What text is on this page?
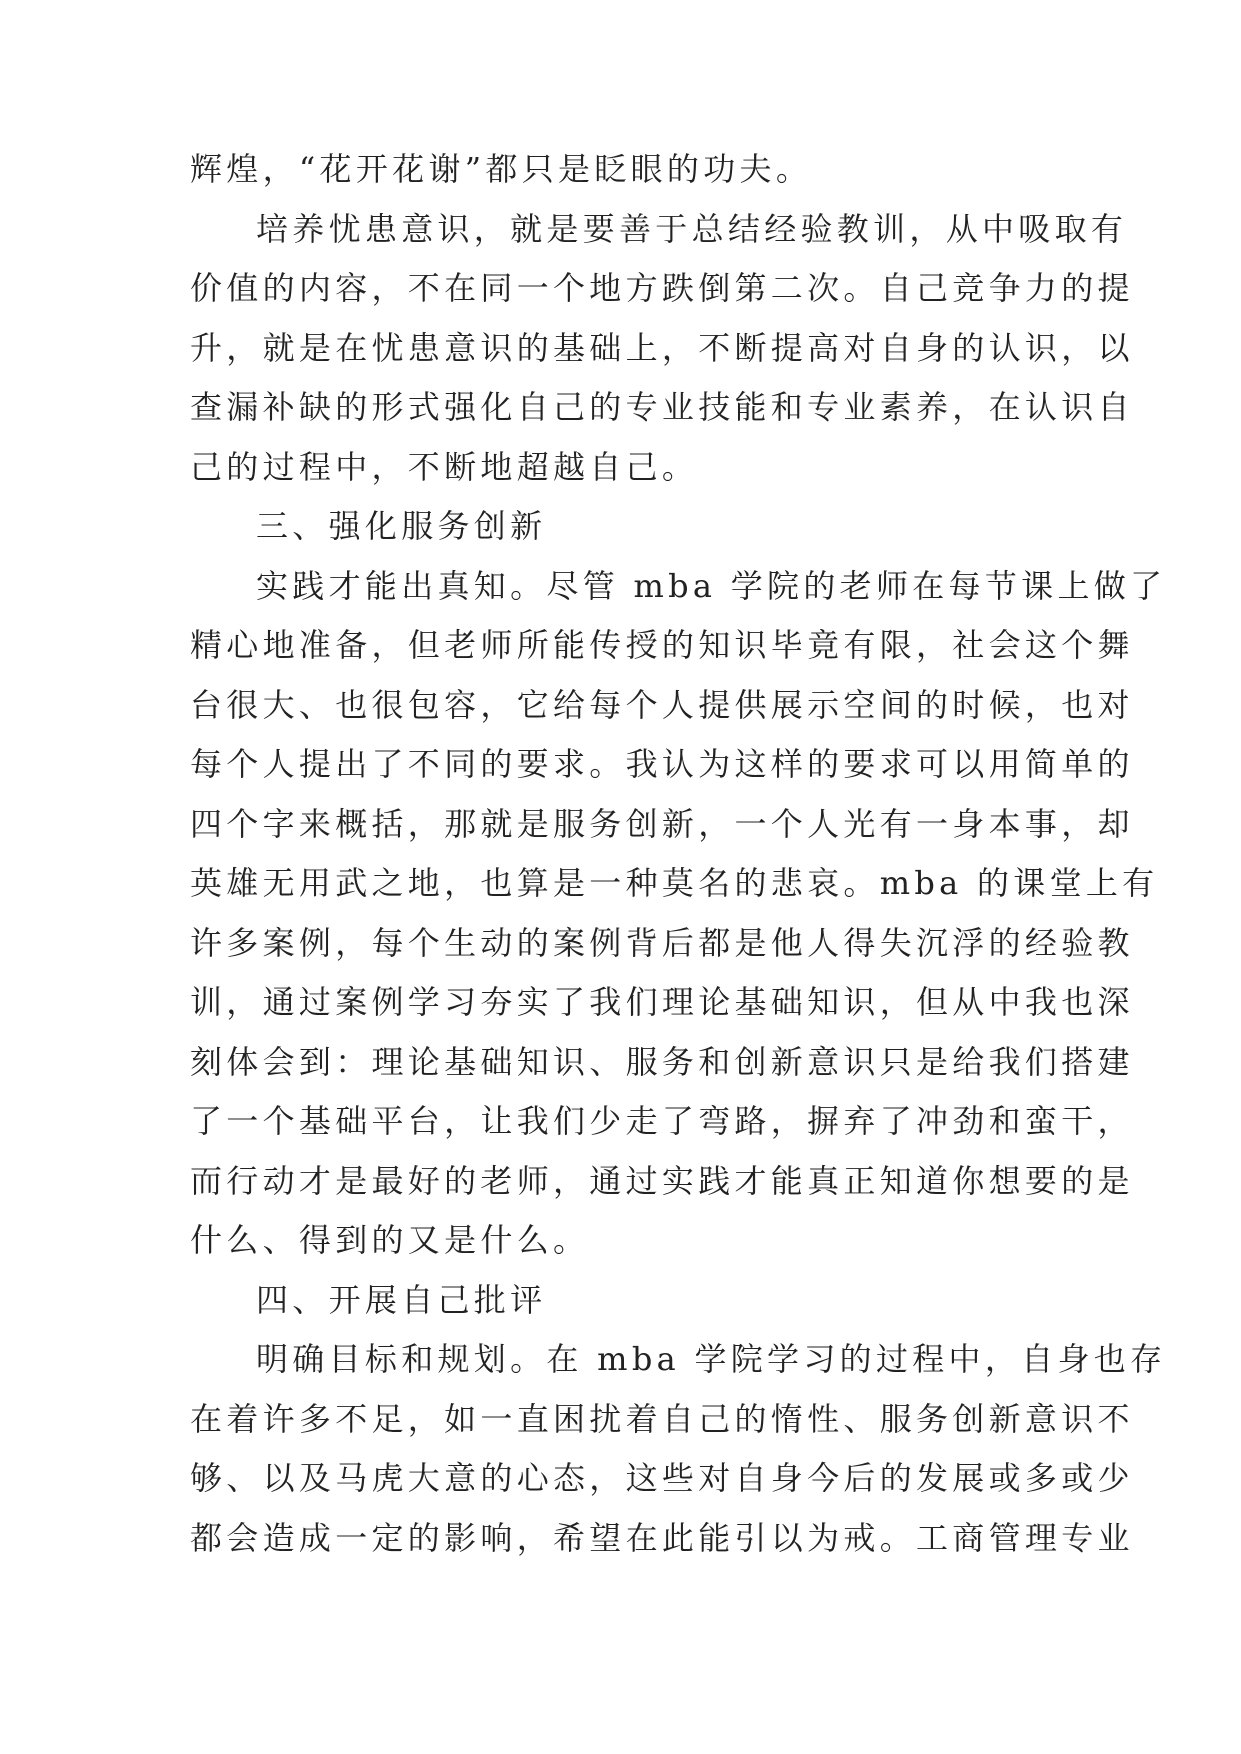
辉煌，“花开花谢”都只是眨眼的功夫。
培养忧患意识，就是要善于总结经验教训，从中吸取有
价值的内容，不在同一个地方跌倒第二次。自己竞争力的提
升，就是在忧患意识的基础上，不断提高对自身的认识，以
查漏补缺的形式强化自己的专业技能和专业素养，在认识自
己的过程中，不断地超越自己。
三、强化服务创新
实践才能出真知。尽管 mba 学院的老师在每节课上做了
精心地准备，但老师所能传授的知识毕竟有限，社会这个舞
台很大、也很包容，它给每个人提供展示空间的时候，也对
每个人提出了不同的要求。我认为这样的要求可以用简单的
四个字来概括，那就是服务创新，一个人光有一身本事，却
英雄无用武之地，也算是一种莫名的悲哀。mba 的课堂上有
许多案例，每个生动的案例背后都是他人得失沉浮的经验教
训，通过案例学习夯实了我们理论基础知识，但从中我也深
刻体会到：理论基础知识、服务和创新意识只是给我们搭建
了一个基础平台，让我们少走了弯路，摒弃了冲劲和蛮干，
而行动才是最好的老师，通过实践才能真正知道你想要的是
什么、得到的又是什么。
四、开展自己批评
明确目标和规划。在 mba 学院学习的过程中，自身也存
在着许多不足，如一直困扰着自己的惰性、服务创新意识不
够、以及马虎大意的心态，这些对自身今后的发展或多或少
都会造成一定的影响，希望在此能引以为戒。工商管理专业
